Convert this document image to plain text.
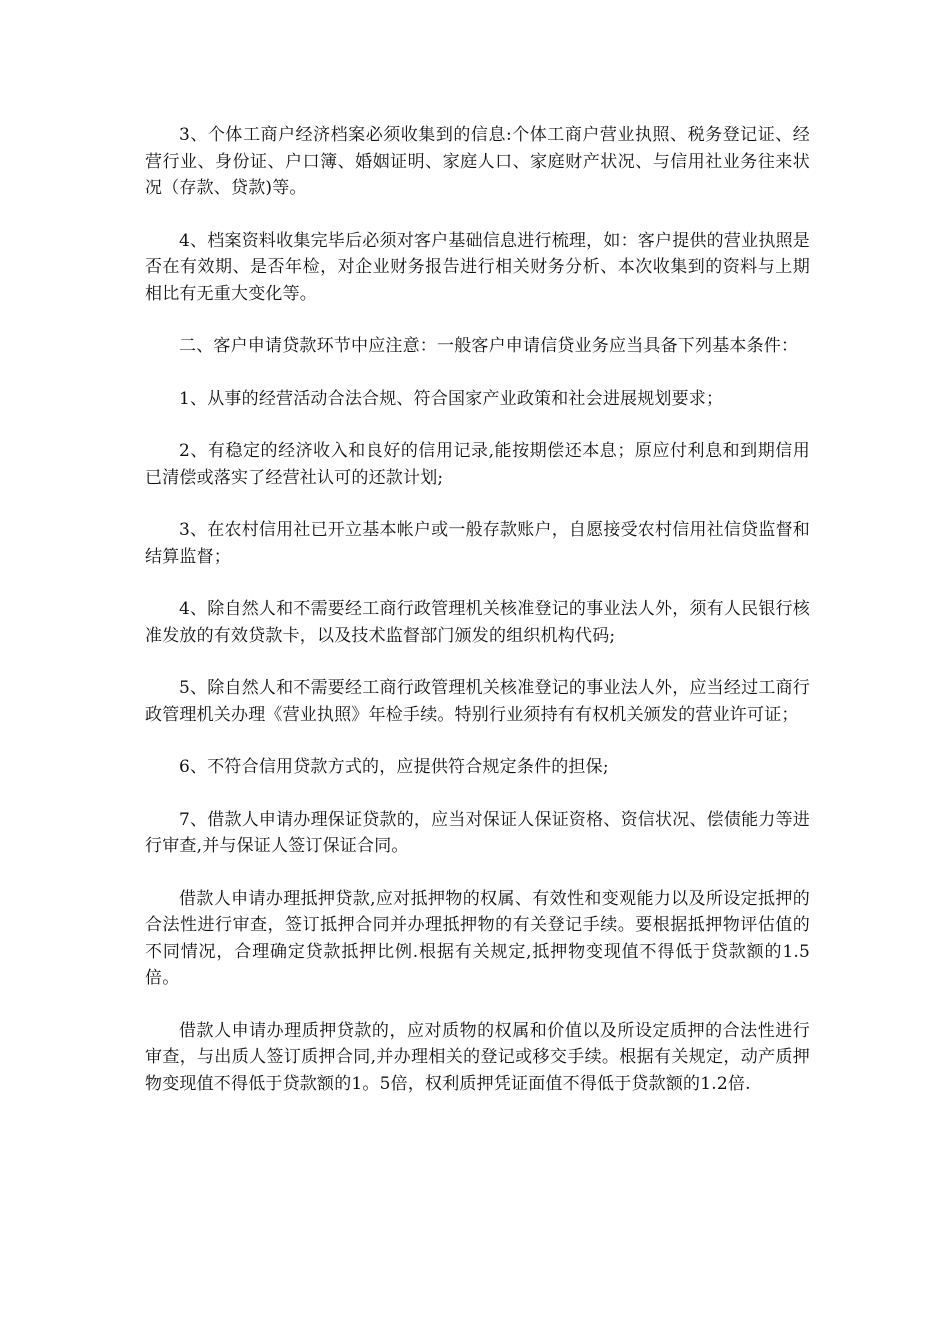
3、个体工商户经济档案必须收集到的信息:个体工商户营业执照、税务登记证、经营行业、身份证、户口簿、婚姻证明、家庭人口、家庭财产状况、与信用社业务往来状况（存款、贷款)等。

4、档案资料收集完毕后必须对客户基础信息进行梳理，如：客户提供的营业执照是否在有效期、是否年检，对企业财务报告进行相关财务分析、本次收集到的资料与上期相比有无重大变化等。

二、客户申请贷款环节中应注意：一般客户申请信贷业务应当具备下列基本条件：

1、从事的经营活动合法合规、符合国家产业政策和社会进展规划要求；

2、有稳定的经济收入和良好的信用记录,能按期偿还本息；原应付利息和到期信用已清偿或落实了经营社认可的还款计划;

3、在农村信用社已开立基本帐户或一般存款账户，自愿接受农村信用社信贷监督和结算监督；

4、除自然人和不需要经工商行政管理机关核准登记的事业法人外，须有人民银行核准发放的有效贷款卡，以及技术监督部门颁发的组织机构代码;

5、除自然人和不需要经工商行政管理机关核准登记的事业法人外，应当经过工商行政管理机关办理《营业执照》年检手续。特别行业须持有有权机关颁发的营业许可证；

6、不符合信用贷款方式的，应提供符合规定条件的担保;

7、借款人申请办理保证贷款的，应当对保证人保证资格、资信状况、偿债能力等进行审查,并与保证人签订保证合同。

借款人申请办理抵押贷款,应对抵押物的权属、有效性和变观能力以及所设定抵押的合法性进行审查，签订抵押合同并办理抵押物的有关登记手续。要根据抵押物评估值的不同情况，合理确定贷款抵押比例.根据有关规定,抵押物变现值不得低于贷款额的1.5倍。

借款人申请办理质押贷款的，应对质物的权属和价值以及所设定质押的合法性进行审查，与出质人签订质押合同,并办理相关的登记或移交手续。根据有关规定，动产质押物变现值不得低于贷款额的1。5倍，权利质押凭证面值不得低于贷款额的1.2倍.
